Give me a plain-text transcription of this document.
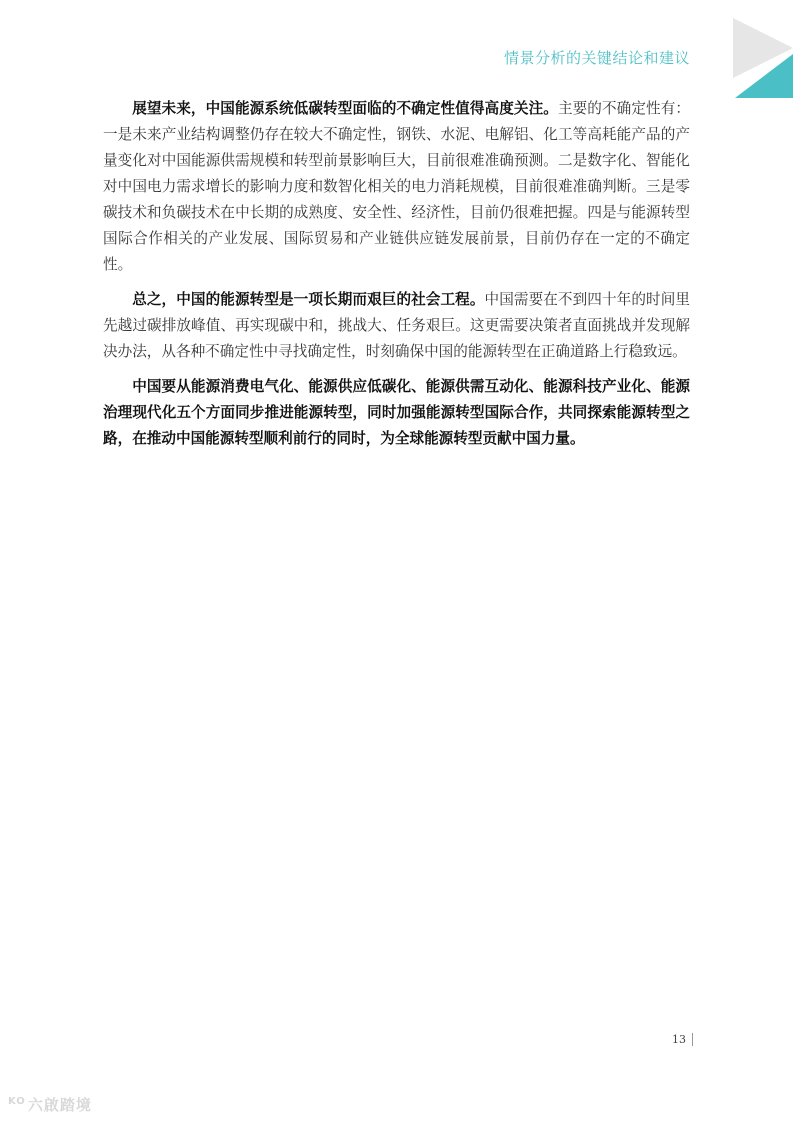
情景分析的关键结论和建议

展望未来，中国能源系统低碳转型面临的不确定性值得高度关注。主要的不确定性有：一是未来产业结构调整仍存在较大不确定性，钢铁、水泥、电解铝、化工等高耗能产品的产量变化对中国能源供需规模和转型前景影响巨大，目前很难准确预测。二是数字化、智能化对中国电力需求增长的影响力度和数智化相关的电力消耗规模，目前很难准确判断。三是零碳技术和负碳技术在中长期的成熟度、安全性、经济性，目前仍很难把握。四是与能源转型国际合作相关的产业发展、国际贸易和产业链供应链发展前景，目前仍存在一定的不确定性。

总之，中国的能源转型是一项长期而艰巨的社会工程。中国需要在不到四十年的时间里先越过碳排放峰值、再实现碳中和，挑战大、任务艰巨。这更需要决策者直面挑战并发现解决办法，从各种不确定性中寻找确定性，时刻确保中国的能源转型在正确道路上行稳致远。

中国要从能源消费电气化、能源供应低碳化、能源供需互动化、能源科技产业化、能源治理现代化五个方面同步推进能源转型，同时加强能源转型国际合作，共同探索能源转型之路，在推动中国能源转型顺利前行的同时，为全球能源转型贡献中国力量。

13
$^{KO}$ 六啟踏境
